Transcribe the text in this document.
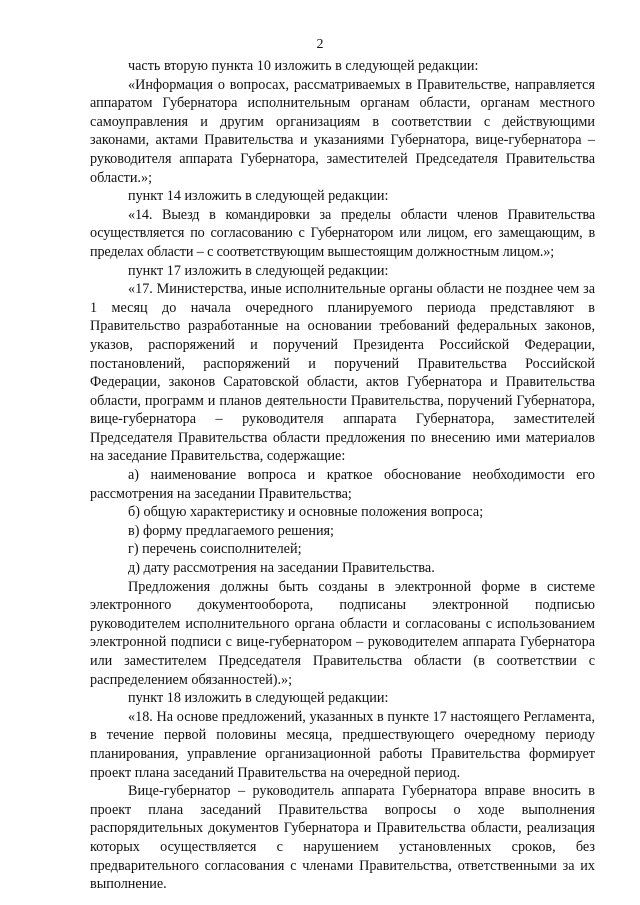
2

часть вторую пункта 10 изложить в следующей редакции:

«Информация о вопросах, рассматриваемых в Правительстве, направляется аппаратом Губернатора исполнительным органам области, органам местного самоуправления и другим организациям в соответствии с действующими законами, актами Правительства и указаниями Губернатора, вице-губернатора – руководителя аппарата Губернатора, заместителей Председателя Правительства области.»;

пункт 14 изложить в следующей редакции:

«14. Выезд в командировки за пределы области членов Правительства осуществляется по согласованию с Губернатором или лицом, его замещающим, в пределах области – с соответствующим вышестоящим должностным лицом.»;

пункт 17 изложить в следующей редакции:

«17. Министерства, иные исполнительные органы области не позднее чем за 1 месяц до начала очередного планируемого периода представляют в Правительство разработанные на основании требований федеральных законов, указов, распоряжений и поручений Президента Российской Федерации, постановлений, распоряжений и поручений Правительства Российской Федерации, законов Саратовской области, актов Губернатора и Правительства области, программ и планов деятельности Правительства, поручений Губернатора, вице-губернатора – руководителя аппарата Губернатора, заместителей Председателя Правительства области предложения по внесению ими материалов на заседание Правительства, содержащие:

а) наименование вопроса и краткое обоснование необходимости его рассмотрения на заседании Правительства;

б) общую характеристику и основные положения вопроса;

в) форму предлагаемого решения;

г) перечень соисполнителей;

д) дату рассмотрения на заседании Правительства.

Предложения должны быть созданы в электронной форме в системе электронного документооборота, подписаны электронной подписью руководителем исполнительного органа области и согласованы с использованием электронной подписи с вице-губернатором – руководителем аппарата Губернатора или заместителем Председателя Правительства области (в соответствии с распределением обязанностей).»;

пункт 18 изложить в следующей редакции:

«18. На основе предложений, указанных в пункте 17 настоящего Регламента, в течение первой половины месяца, предшествующего очередному периоду планирования, управление организационной работы Правительства формирует проект плана заседаний Правительства на очередной период.

Вице-губернатор – руководитель аппарата Губернатора вправе вносить в проект плана заседаний Правительства вопросы о ходе выполнения распорядительных документов Губернатора и Правительства области, реализация которых осуществляется с нарушением установленных сроков, без предварительного согласования с членами Правительства, ответственными за их выполнение.
